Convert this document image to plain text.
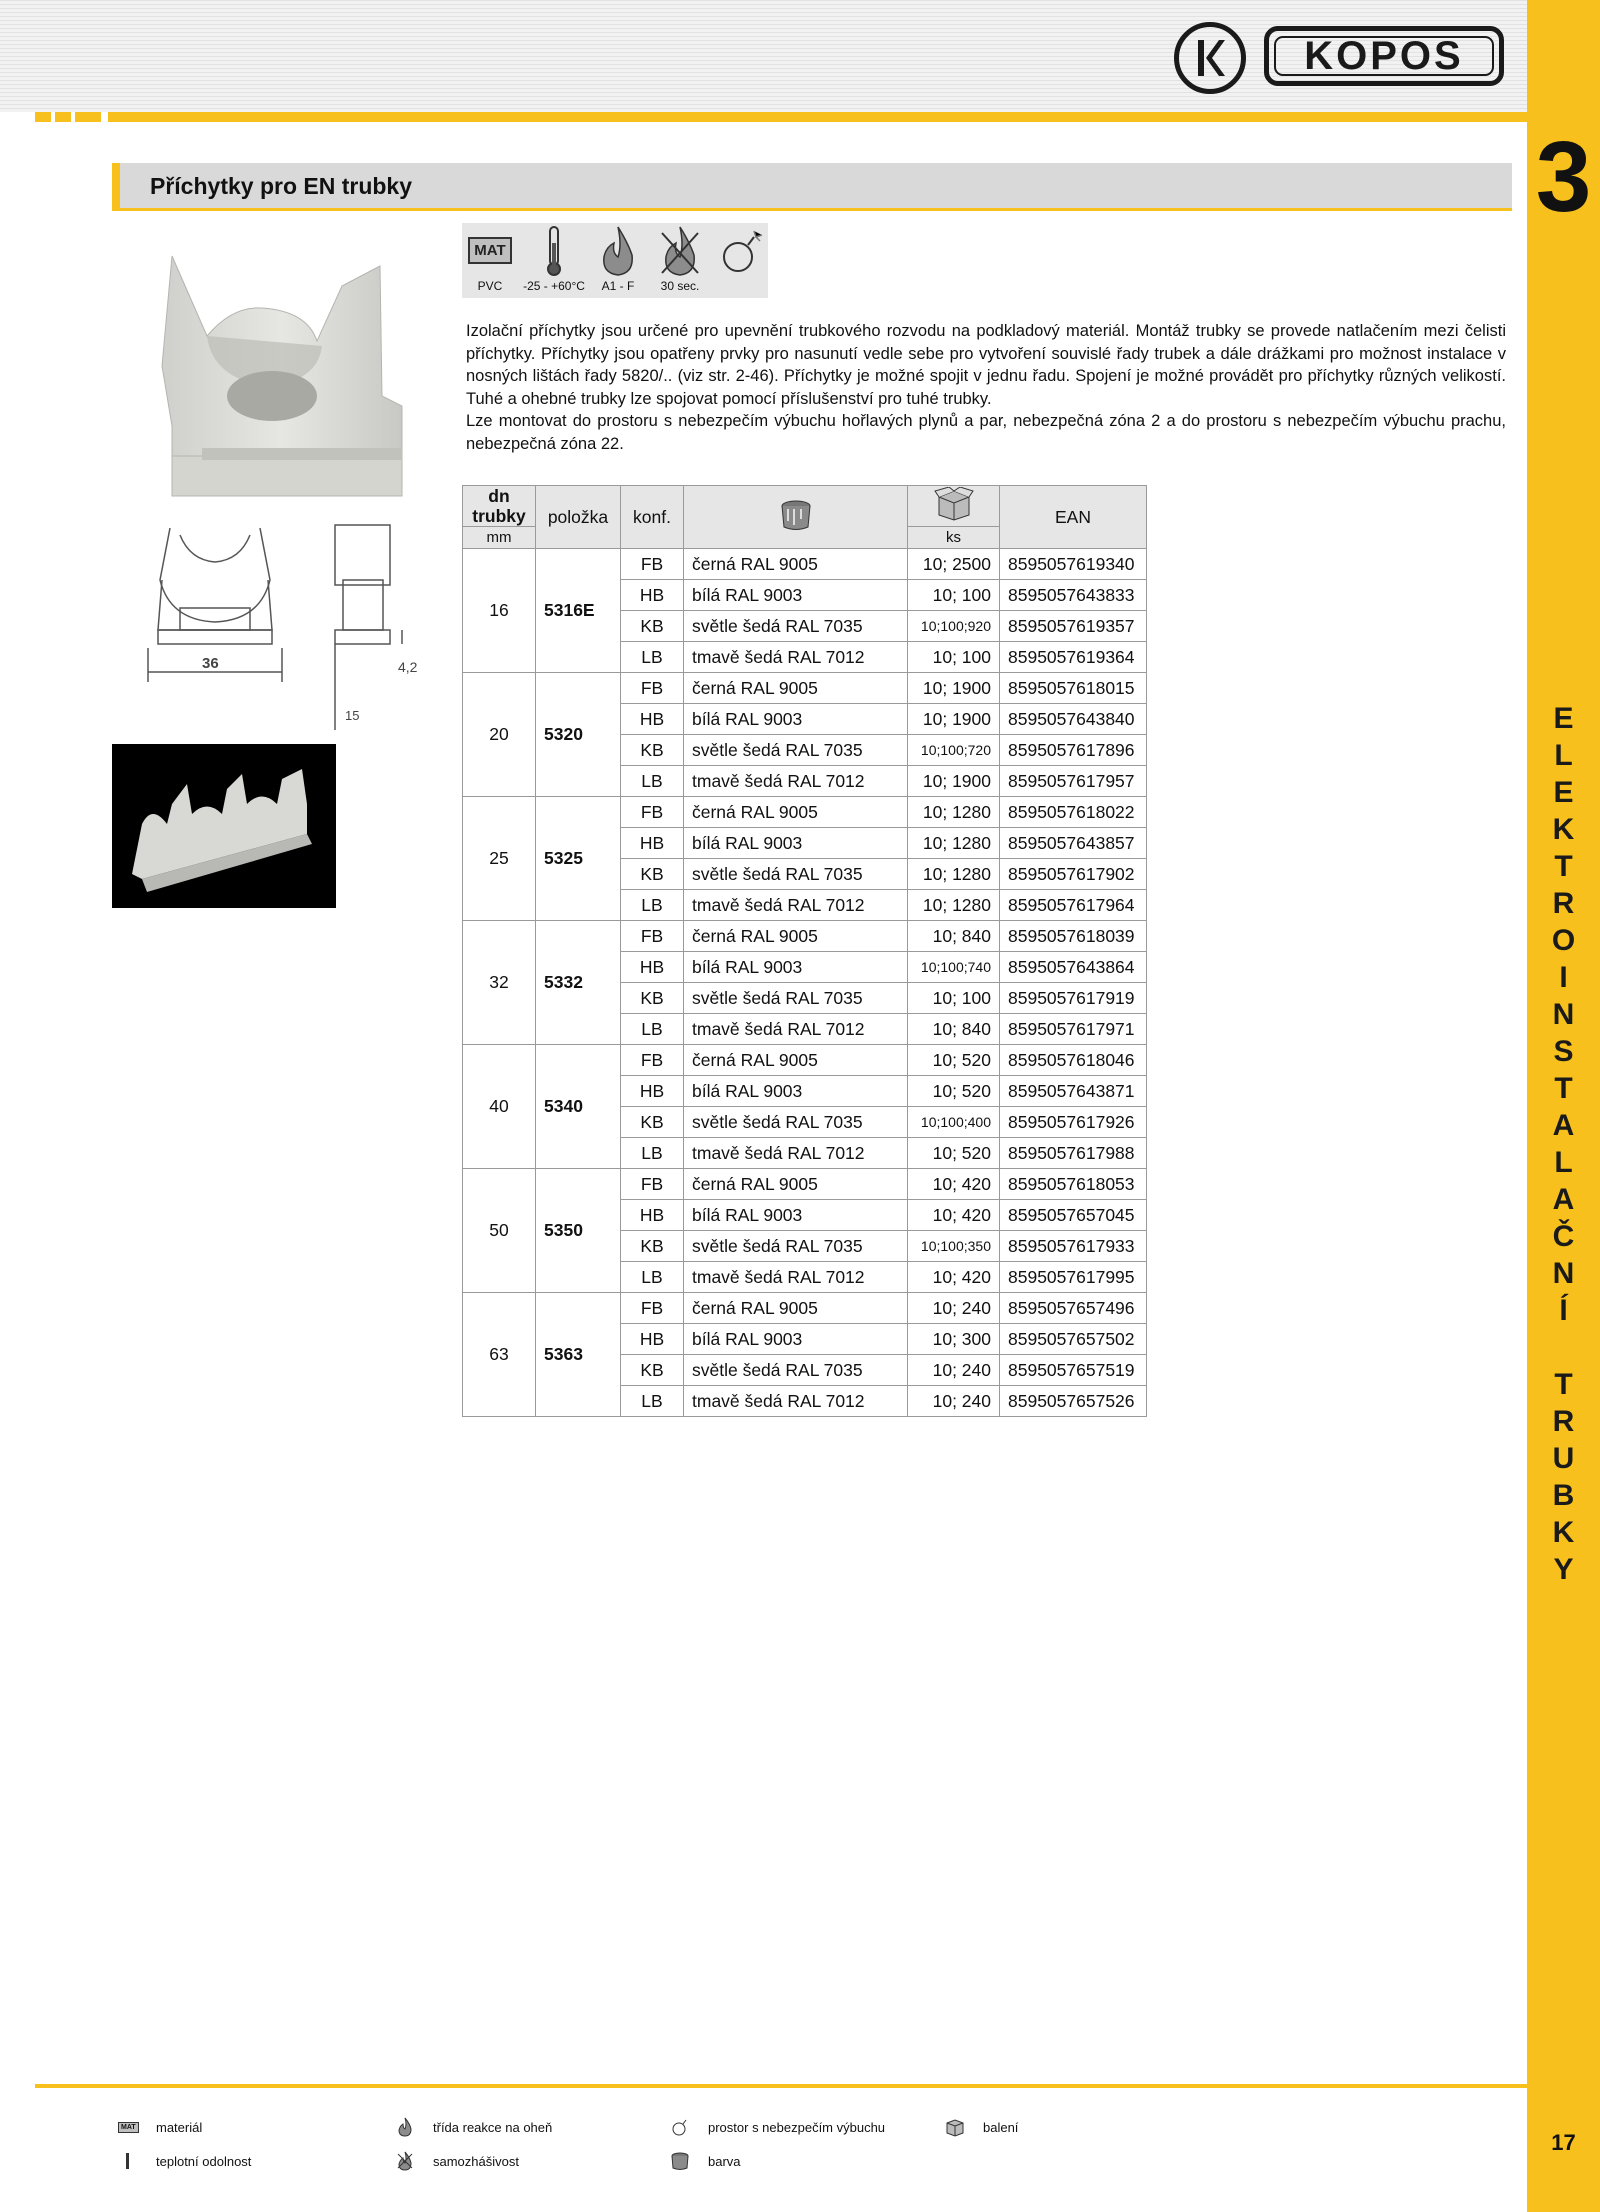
KOPOS
3
E
L
E
K
T
R
O
I
N
S
T
A
L
A
Č
N
Í
T
R
U
B
K
Y
17
Příchytky pro EN trubky
36
15
4,2
MAT
PVC	-25 - +60°C	A1 - F	30 sec.

Izolační příchytky jsou určené pro upevnění trubkového rozvodu na podkladový materiál. Montáž trubky se provede natlačením mezi čelisti příchytky. Příchytky jsou opatřeny prvky pro nasunutí vedle sebe pro vytvoření souvislé řady trubek a dále drážkami pro možnost instalace v nosných lištách řady 5820/.. (viz str. 2-46). Příchytky je možné spojit v jednu řadu. Spojení je možné provádět pro příchytky různých velikostí. Tuhé a ohebné trubky lze spojovat pomocí příslušenství pro tuhé trubky.

Lze montovat do prostoru s nebezpečím výbuchu hořlavých plynů a par, nebezpečná zóna 2 a do prostoru s nebezpečím výbuchu prachu, nebezpečná zóna 22.

dn
trubky	položka	konf.			EAN
mm				ks	
16	5316E	FB	černá RAL 9005	10; 2500	8595057619340
		HB	bílá RAL 9003	10; 100	8595057643833
		KB	světle šedá RAL 7035	10;100;920	8595057619357
		LB	tmavě šedá RAL 7012	10; 100	8595057619364
20	5320	FB	černá RAL 9005	10; 1900	8595057618015
		HB	bílá RAL 9003	10; 1900	8595057643840
		KB	světle šedá RAL 7035	10;100;720	8595057617896
		LB	tmavě šedá RAL 7012	10; 1900	8595057617957
25	5325	FB	černá RAL 9005	10; 1280	8595057618022
		HB	bílá RAL 9003	10; 1280	8595057643857
		KB	světle šedá RAL 7035	10; 1280	8595057617902
		LB	tmavě šedá RAL 7012	10; 1280	8595057617964
32	5332	FB	černá RAL 9005	10; 840	8595057618039
		HB	bílá RAL 9003	10;100;740	8595057643864
		KB	světle šedá RAL 7035	10; 100	8595057617919
		LB	tmavě šedá RAL 7012	10; 840	8595057617971
40	5340	FB	černá RAL 9005	10; 520	8595057618046
		HB	bílá RAL 9003	10; 520	8595057643871
		KB	světle šedá RAL 7035	10;100;400	8595057617926
		LB	tmavě šedá RAL 7012	10; 520	8595057617988
50	5350	FB	černá RAL 9005	10; 420	8595057618053
		HB	bílá RAL 9003	10; 420	8595057657045
		KB	světle šedá RAL 7035	10;100;350	8595057617933
		LB	tmavě šedá RAL 7012	10; 420	8595057617995
63	5363	FB	černá RAL 9005	10; 240	8595057657496
		HB	bílá RAL 9003	10; 300	8595057657502
		KB	světle šedá RAL 7035	10; 240	8595057657519
		LB	tmavě šedá RAL 7012	10; 240	8595057657526
MAT materiál	třída reakce na oheň	prostor s nebezpečím výbuchu	balení
teplotní odolnost	samozhášivost	barva
